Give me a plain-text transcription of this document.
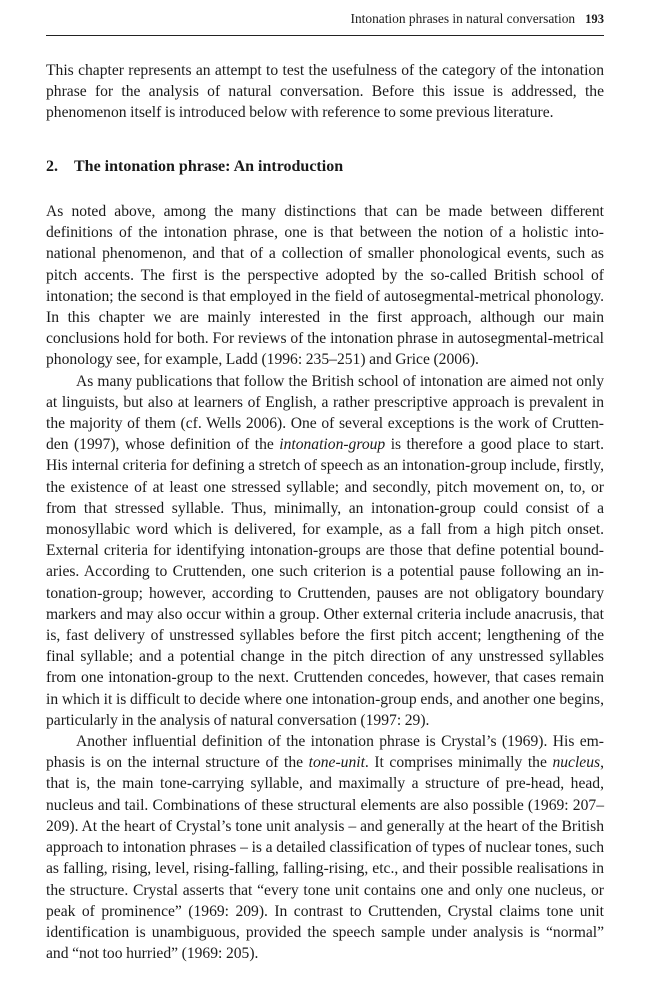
Intonation phrases in natural conversation 193

This chapter represents an attempt to test the usefulness of the category of the intonation phrase for the analysis of natural conversation. Before this issue is addressed, the phenomenon itself is introduced below with reference to some previous literature.

2. The intonation phrase: An introduction

As noted above, among the many distinctions that can be made between different definitions of the intonation phrase, one is that between the notion of a holistic intonational phenomenon, and that of a collection of smaller phonological events, such as pitch accents. The first is the perspective adopted by the so-called British school of intonation; the second is that employed in the field of autosegmental-metrical phonology. In this chapter we are mainly interested in the first approach, although our main conclusions hold for both. For reviews of the intonation phrase in autosegmental-metrical phonology see, for example, Ladd (1996: 235–251) and Grice (2006).

As many publications that follow the British school of intonation are aimed not only at linguists, but also at learners of English, a rather prescriptive approach is prevalent in the majority of them (cf. Wells 2006). One of several exceptions is the work of Cruttenden (1997), whose definition of the intonation-group is therefore a good place to start. His internal criteria for defining a stretch of speech as an intonation-group include, firstly, the existence of at least one stressed syllable; and secondly, pitch movement on, to, or from that stressed syllable. Thus, minimally, an intonation-group could consist of a monosyllabic word which is delivered, for example, as a fall from a high pitch onset. External criteria for identifying intonation-groups are those that define potential boundaries. According to Cruttenden, one such criterion is a potential pause following an intonation-group; however, according to Cruttenden, pauses are not obligatory boundary markers and may also occur within a group. Other external criteria include anacrusis, that is, fast delivery of unstressed syllables before the first pitch accent; lengthening of the final syllable; and a potential change in the pitch direction of any unstressed syllables from one intonation-group to the next. Cruttenden concedes, however, that cases remain in which it is difficult to decide where one intonation-group ends, and another one begins, particularly in the analysis of natural conversation (1997: 29).

Another influential definition of the intonation phrase is Crystal’s (1969). His emphasis is on the internal structure of the tone-unit. It comprises minimally the nucleus, that is, the main tone-carrying syllable, and maximally a structure of pre-head, head, nucleus and tail. Combinations of these structural elements are also possible (1969: 207–209). At the heart of Crystal’s tone unit analysis – and generally at the heart of the British approach to intonation phrases – is a detailed classification of types of nuclear tones, such as falling, rising, level, rising-falling, falling-rising, etc., and their possible realisations in the structure. Crystal asserts that “every tone unit contains one and only one nucleus, or peak of prominence” (1969: 209). In contrast to Cruttenden, Crystal claims tone unit identification is unambiguous, provided the speech sample under analysis is “normal” and “not too hurried” (1969: 205).
